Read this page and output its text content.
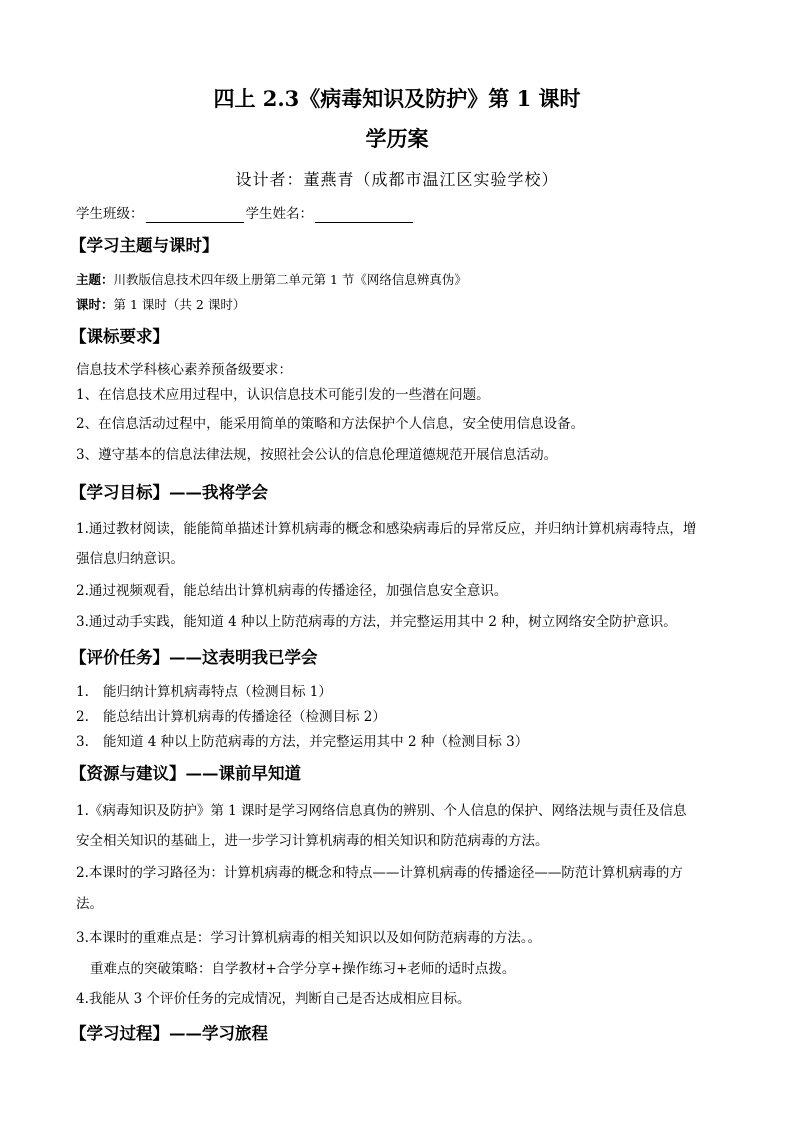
四上 2.3《病毒知识及防护》第 1 课时
学历案
设计者：董燕青（成都市温江区实验学校）
学生班级：	学生姓名：
【学习主题与课时】
主题：川教版信息技术四年级上册第二单元第 1 节《网络信息辨真伪》
课时：第 1 课时（共 2 课时）
【课标要求】
信息技术学科核心素养预备级要求：
1、在信息技术应用过程中，认识信息技术可能引发的一些潜在问题。
2、在信息活动过程中，能采用简单的策略和方法保护个人信息，安全使用信息设备。
3、遵守基本的信息法律法规，按照社会公认的信息伦理道德规范开展信息活动。
【学习目标】——我将学会
1.通过教材阅读，能能简单描述计算机病毒的概念和感染病毒后的异常反应，并归纳计算机病毒特点，增
强信息归纳意识。
2.通过视频观看，能总结出计算机病毒的传播途径，加强信息安全意识。
3.通过动手实践，能知道 4 种以上防范病毒的方法，并完整运用其中 2 种，树立网络安全防护意识。
【评价任务】——这表明我已学会
1. 能归纳计算机病毒特点（检测目标 1）
2. 能总结出计算机病毒的传播途径（检测目标 2）
3. 能知道 4 种以上防范病毒的方法，并完整运用其中 2 种（检测目标 3）
【资源与建议】——课前早知道
1.《病毒知识及防护》第 1 课时是学习网络信息真伪的辨别、个人信息的保护、网络法规与责任及信息
安全相关知识的基础上，进一步学习计算机病毒的相关知识和防范病毒的方法。
2.本课时的学习路径为：计算机病毒的概念和特点——计算机病毒的传播途径——防范计算机病毒的方
法。
3.本课时的重难点是：学习计算机病毒的相关知识以及如何防范病毒的方法。。
重难点的突破策略：自学教材+合学分享+操作练习+老师的适时点拨。
4.我能从 3 个评价任务的完成情况，判断自己是否达成相应目标。
【学习过程】——学习旅程
